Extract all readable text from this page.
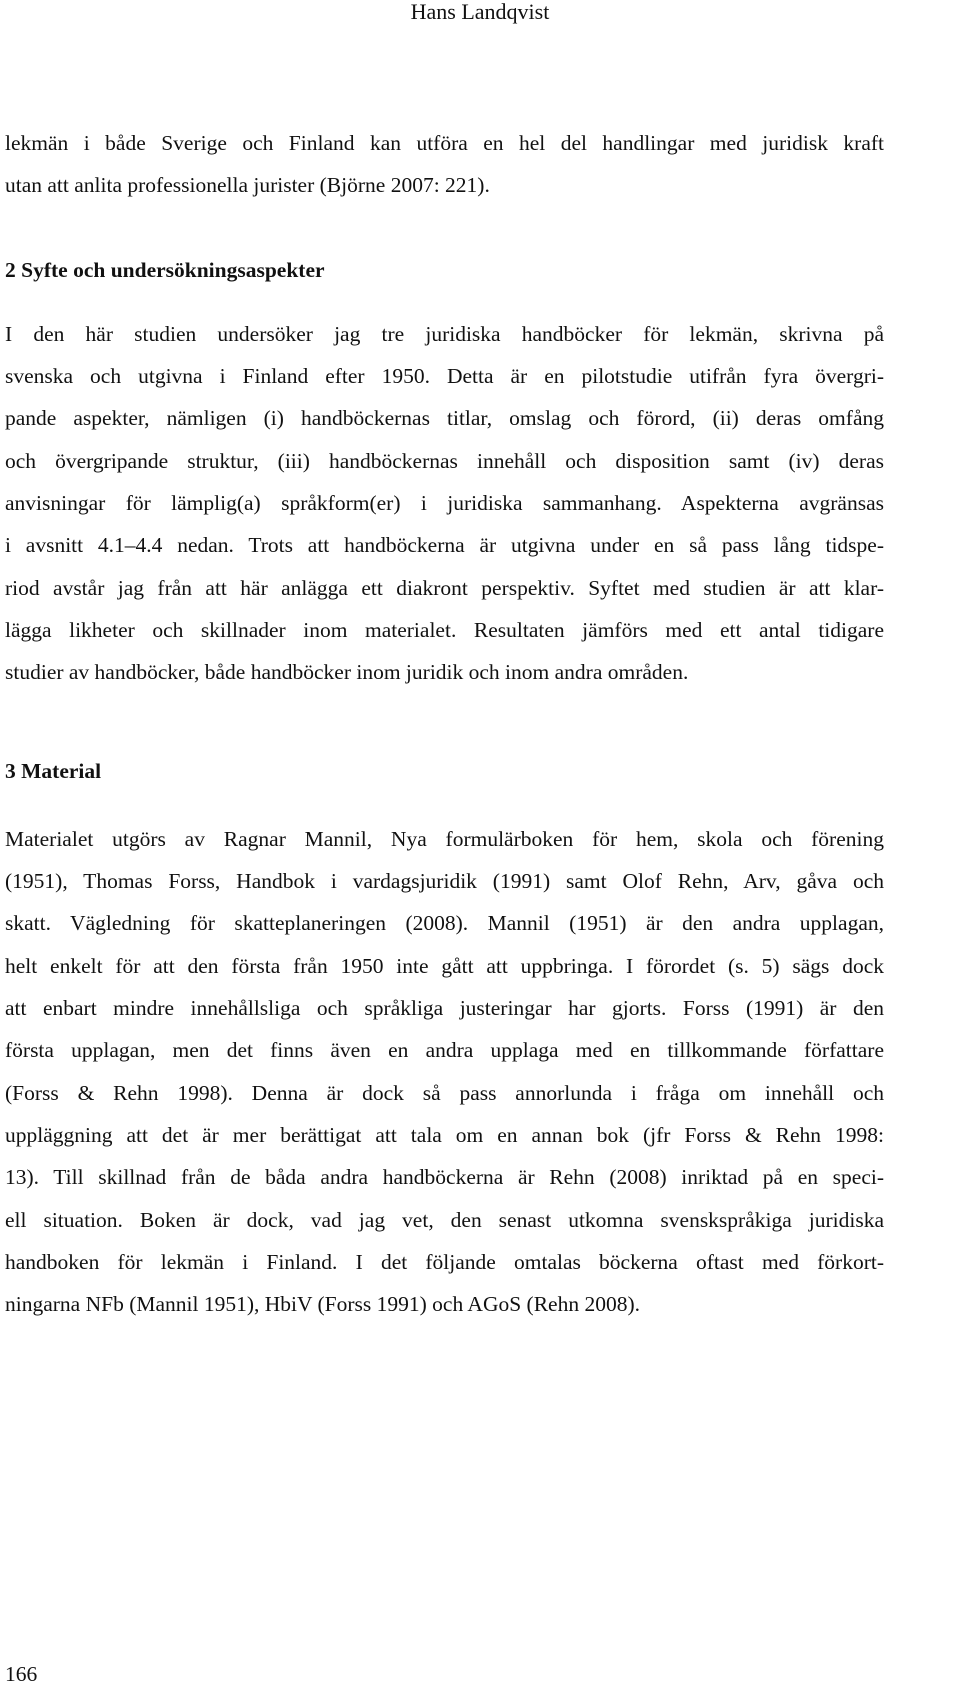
Hans Landqvist
lekmän i både Sverige och Finland kan utföra en hel del handlingar med juridisk kraft
utan att anlita professionella jurister (Björne 2007: 221).
2 Syfte och undersökningsaspekter
I den här studien undersöker jag tre juridiska handböcker för lekmän, skrivna på
svenska och utgivna i Finland efter 1950. Detta är en pilotstudie utifrån fyra övergri-
pande aspekter, nämligen (i) handböckernas titlar, omslag och förord, (ii) deras omfång
och övergripande struktur, (iii) handböckernas innehåll och disposition samt (iv) deras
anvisningar för lämplig(a) språkform(er) i juridiska sammanhang. Aspekterna avgränsas
i avsnitt 4.1–4.4 nedan. Trots att handböckerna är utgivna under en så pass lång tidspe-
riod avstår jag från att här anlägga ett diakront perspektiv. Syftet med studien är att klar-
lägga likheter och skillnader inom materialet. Resultaten jämförs med ett antal tidigare
studier av handböcker, både handböcker inom juridik och inom andra områden.
3 Material
Materialet utgörs av Ragnar Mannil, Nya formulärboken för hem, skola och förening
(1951), Thomas Forss, Handbok i vardagsjuridik (1991) samt Olof Rehn, Arv, gåva och
skatt. Vägledning för skatteplaneringen (2008). Mannil (1951) är den andra upplagan,
helt enkelt för att den första från 1950 inte gått att uppbringa. I förordet (s. 5) sägs dock
att enbart mindre innehållsliga och språkliga justeringar har gjorts. Forss (1991) är den
första upplagan, men det finns även en andra upplaga med en tillkommande författare
(Forss & Rehn 1998). Denna är dock så pass annorlunda i fråga om innehåll och
uppläggning att det är mer berättigat att tala om en annan bok (jfr Forss & Rehn 1998:
13). Till skillnad från de båda andra handböckerna är Rehn (2008) inriktad på en speci-
ell situation. Boken är dock, vad jag vet, den senast utkomna svenskspråkiga juridiska
handboken för lekmän i Finland. I det följande omtalas böckerna oftast med förkort-
ningarna NFb (Mannil 1951), HbiV (Forss 1991) och AGoS (Rehn 2008).
166
